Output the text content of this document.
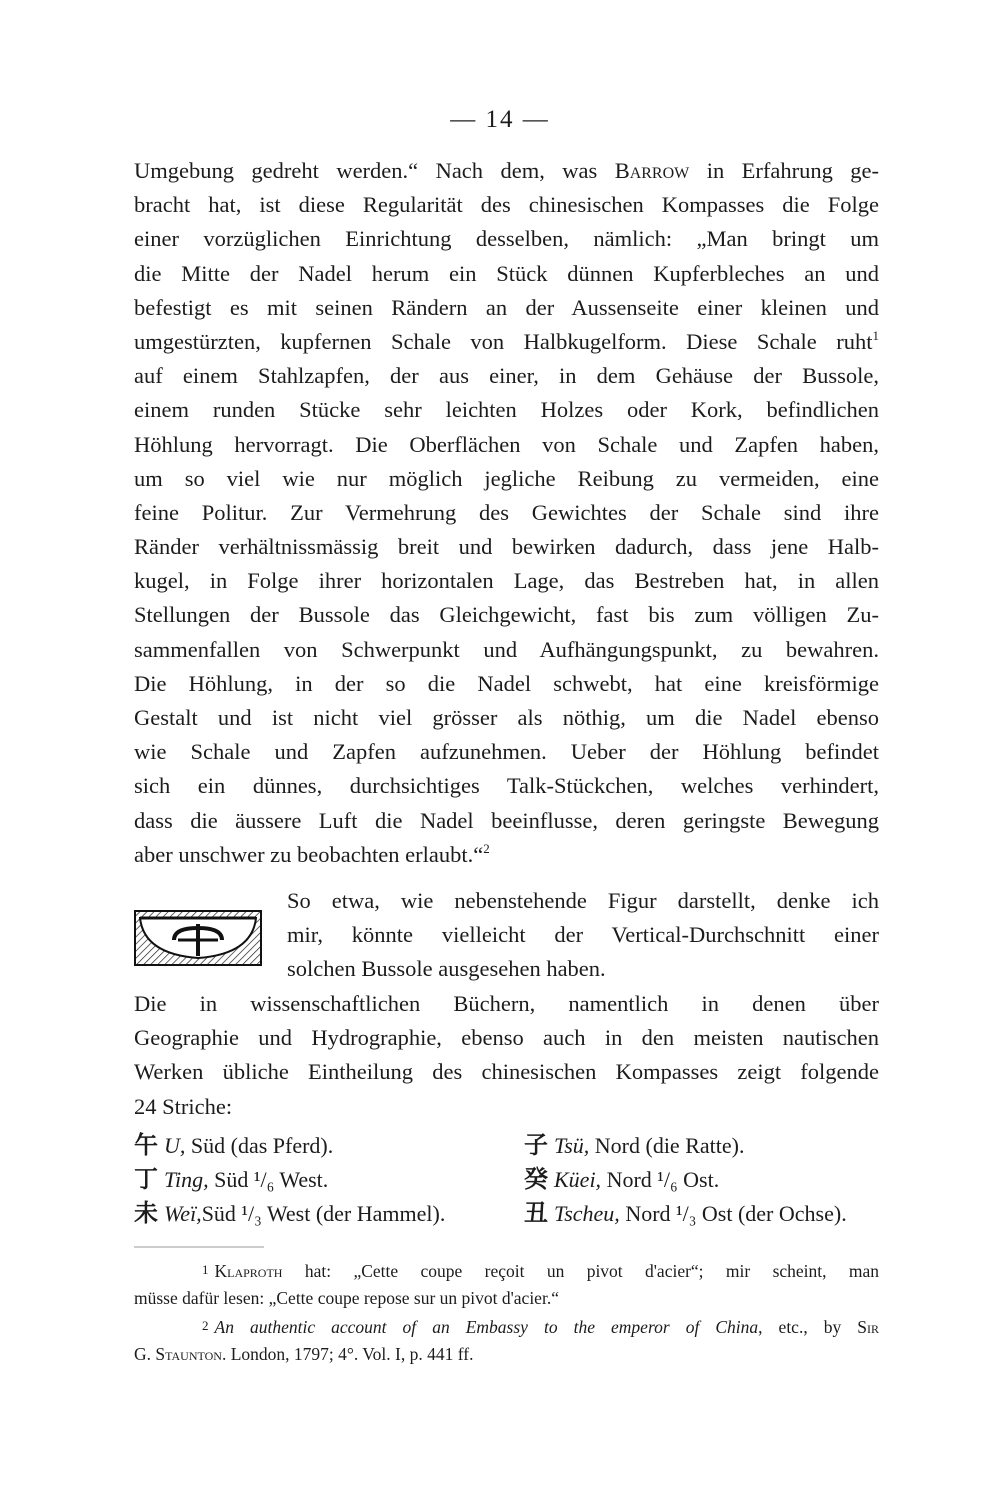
— 14 —
Umgebung gedreht werden.“ Nach dem, was Barrow in Erfahrung ge-
bracht hat, ist diese Regularität des chinesischen Kompasses die Folge
einer vorzüglichen Einrichtung desselben, nämlich: „Man bringt um
die Mitte der Nadel herum ein Stück dünnen Kupferbleches an und
befestigt es mit seinen Rändern an der Aussenseite einer kleinen und
umgestürzten, kupfernen Schale von Halbkugelform. Diese Schale ruht$^1$
auf einem Stahlzapfen, der aus einer, in dem Gehäuse der Bussole,
einem runden Stücke sehr leichten Holzes oder Kork, befindlichen
Höhlung hervorragt. Die Oberflächen von Schale und Zapfen haben,
um so viel wie nur möglich jegliche Reibung zu vermeiden, eine
feine Politur. Zur Vermehrung des Gewichtes der Schale sind ihre
Ränder verhältnissmässig breit und bewirken dadurch, dass jene Halb-
kugel, in Folge ihrer horizontalen Lage, das Bestreben hat, in allen
Stellungen der Bussole das Gleichgewicht, fast bis zum völligen Zu-
sammenfallen von Schwerpunkt und Aufhängungspunkt, zu bewahren.
Die Höhlung, in der so die Nadel schwebt, hat eine kreisförmige
Gestalt und ist nicht viel grösser als nöthig, um die Nadel ebenso
wie Schale und Zapfen aufzunehmen. Ueber der Höhlung befindet
sich ein dünnes, durchsichtiges Talk-Stückchen, welches verhindert,
dass die äussere Luft die Nadel beeinflusse, deren geringste Bewegung
aber unschwer zu beobachten erlaubt.“$^2$
So etwa, wie nebenstehende Figur darstellt, denke ich
mir, könnte vielleicht der Vertical-Durchschnitt einer
solchen Bussole ausgesehen haben.
Die in wissenschaftlichen Büchern, namentlich in denen über
Geographie und Hydrographie, ebenso auch in den meisten nautischen
Werken übliche Eintheilung des chinesischen Kompasses zeigt folgende
24 Striche:
午 U, Süd (das Pferd).
丁 Ting, Süd ¹/₆ West.
未 Weï,Süd ¹/₃ West (der Hammel).
子 Tsü, Nord (die Ratte).
癸 Küei, Nord ¹/₆ Ost.
丑 Tscheu, Nord ¹/₃ Ost (der Ochse).
1 Klaproth hat: „Cette coupe reçoit un pivot d'acier“; mir scheint, man
müsse dafür lesen: „Cette coupe repose sur un pivot d'acier.“
2 An authentic account of an Embassy to the emperor of China, etc., by Sir
G. Staunton. London, 1797; 4°. Vol. I, p. 441 ff.
